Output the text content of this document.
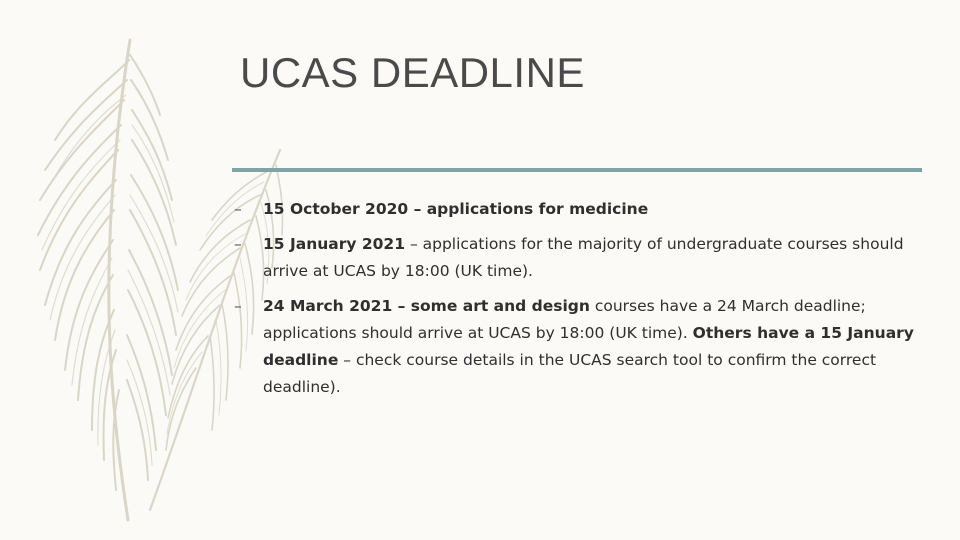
UCAS DEADLINE
– 15 October 2020 – applications for medicine
– 15 January 2021 – applications for the majority of undergraduate courses should arrive at UCAS by 18:00 (UK time).
– 24 March 2021 – some art and design courses have a 24 March deadline; applications should arrive at UCAS by 18:00 (UK time). Others have a 15 January deadline – check course details in the UCAS search tool to confirm the correct deadline).
